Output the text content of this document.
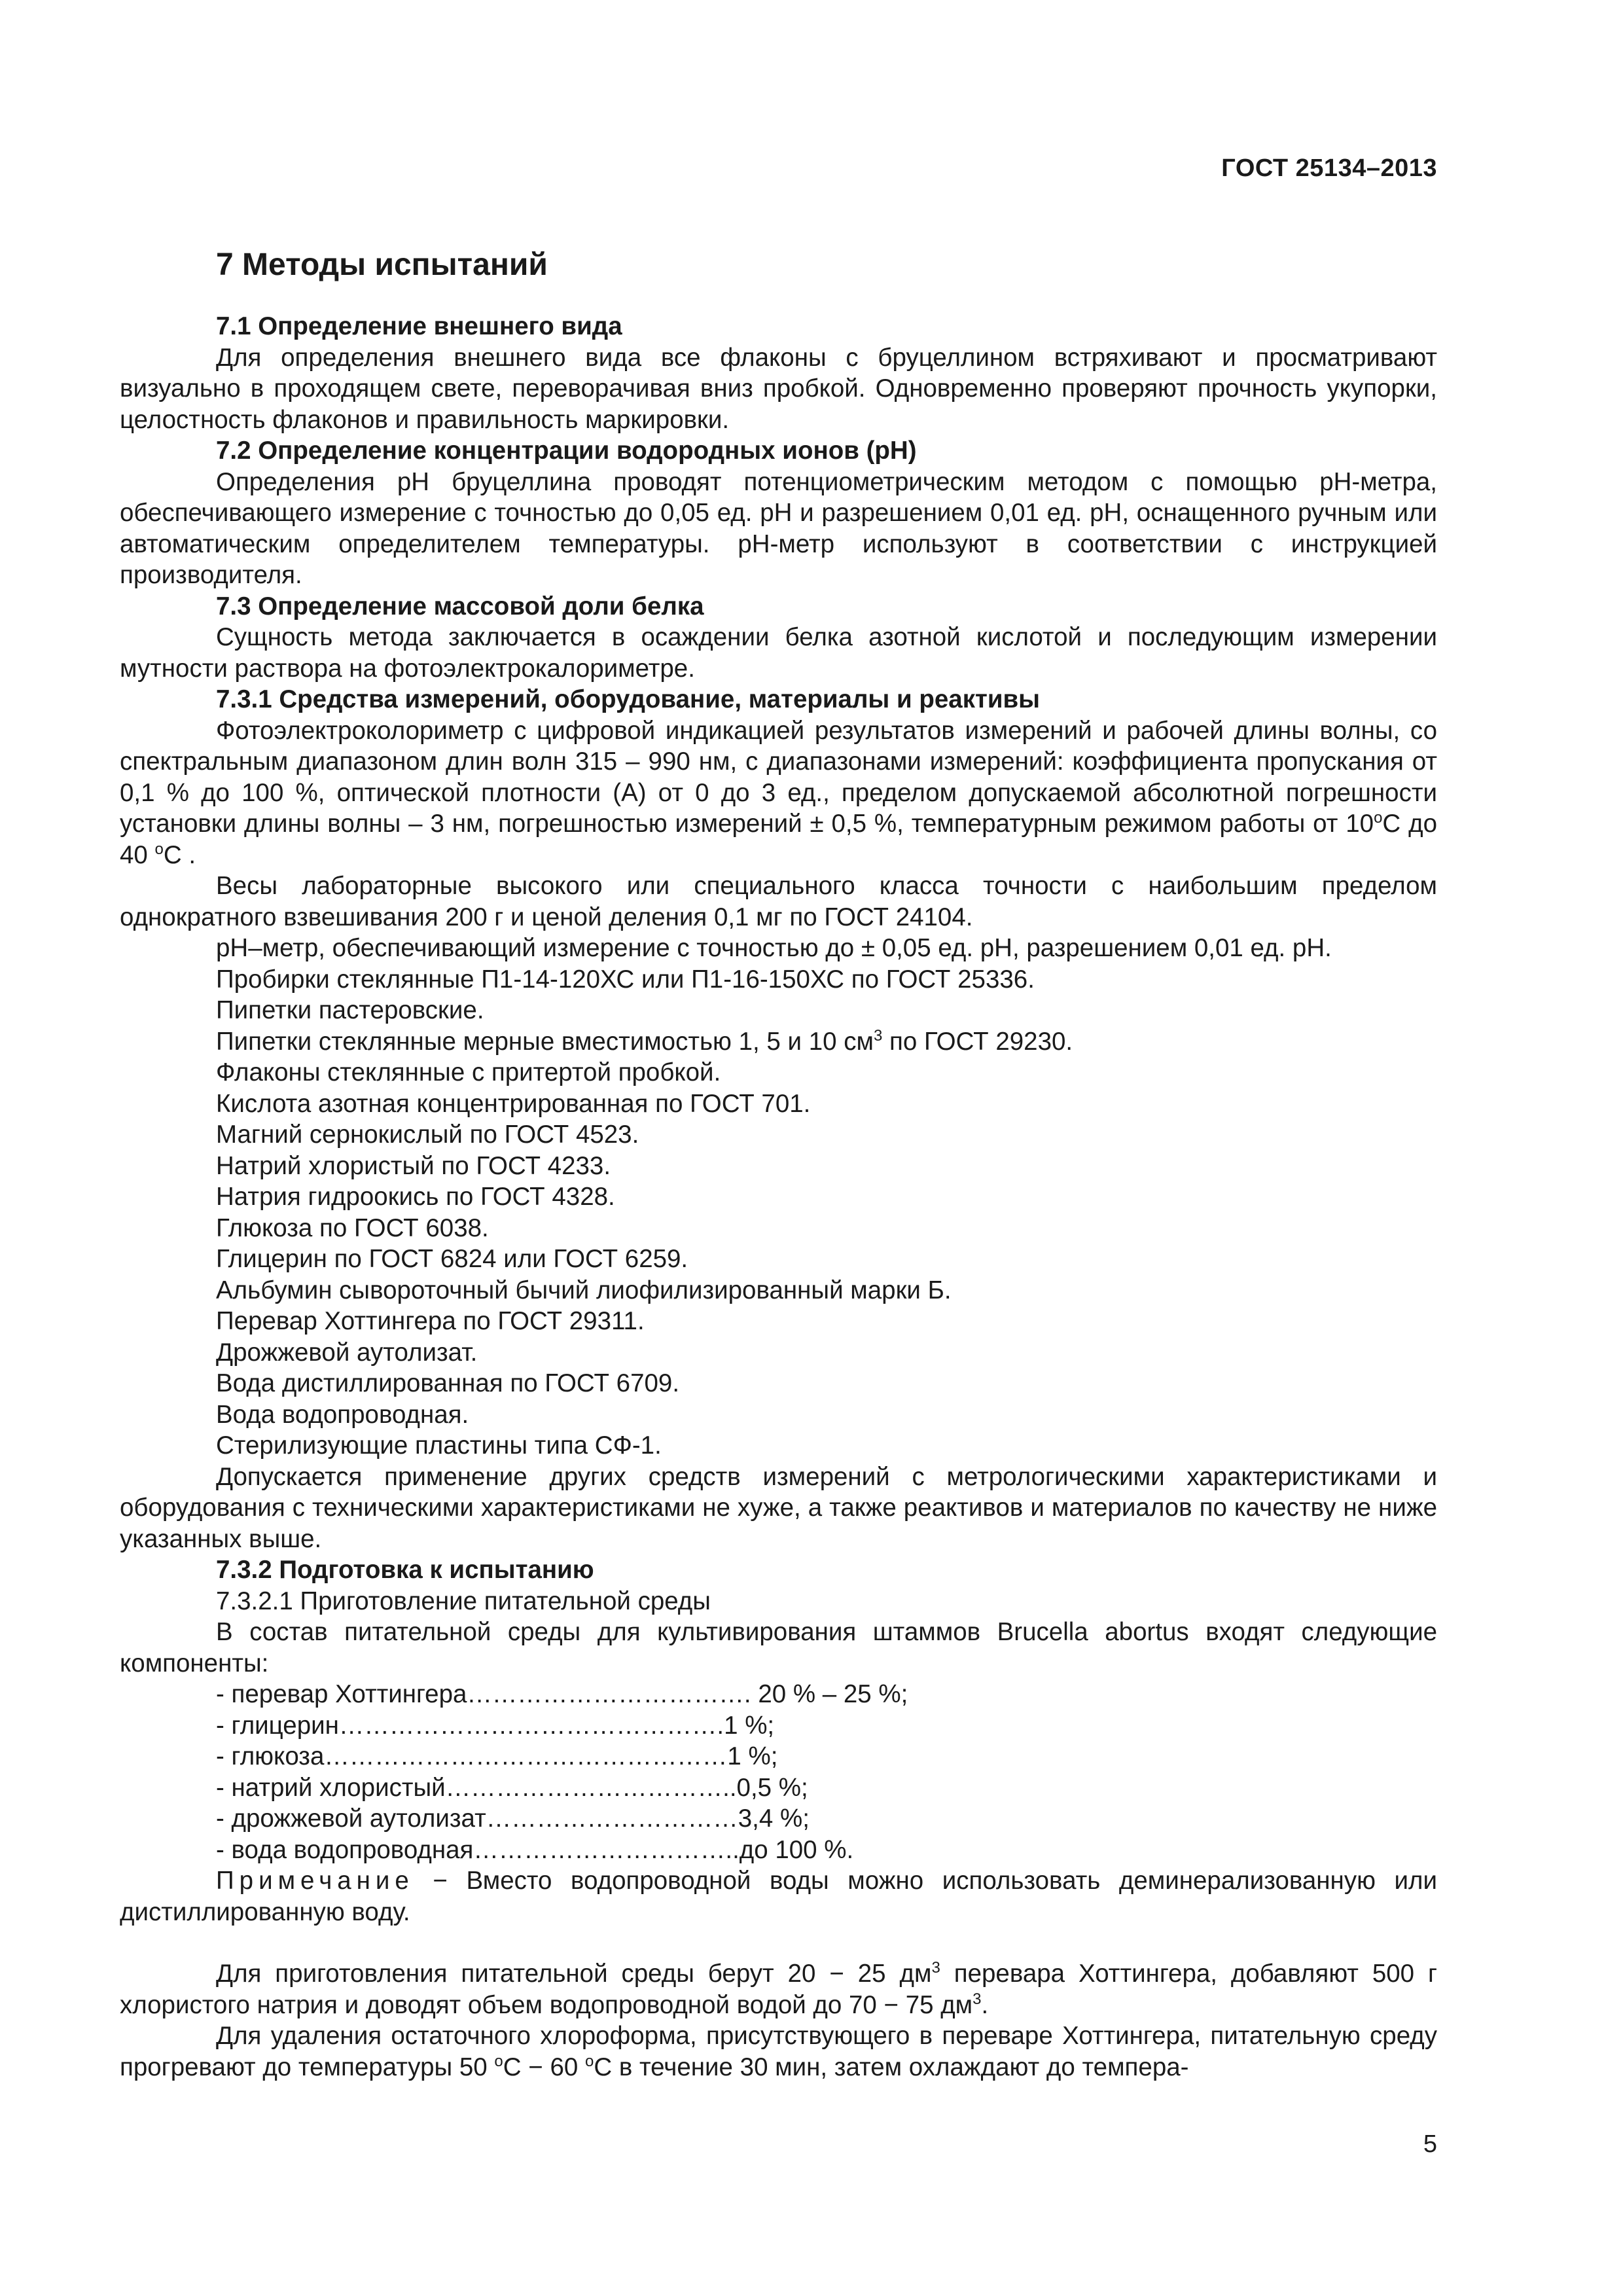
ГОСТ 25134–2013
7 Методы испытаний
7.1 Определение внешнего вида
Для определения внешнего вида все флаконы с бруцеллином встряхивают и просматривают визуально в проходящем свете, переворачивая вниз пробкой. Одновременно проверяют прочность укупорки, целостность флаконов и правильность маркировки.
7.2 Определение концентрации водородных ионов (рН)
Определения рН бруцеллина проводят потенциометрическим методом с помощью рН-метра, обеспечивающего измерение с точностью до 0,05 ед. рН и разрешением 0,01 ед. рН, оснащенного ручным или автоматическим определителем температуры. рН-метр используют в соответствии с инструкцией производителя.
7.3 Определение массовой доли белка
Сущность метода заключается в осаждении белка азотной кислотой и последующим измерении мутности раствора на фотоэлектрокалориметре.
7.3.1 Средства измерений, оборудование, материалы и реактивы
Фотоэлектроколориметр с цифровой индикацией результатов измерений и рабочей длины волны, со спектральным диапазоном длин волн 315 – 990 нм, с диапазонами измерений: коэффициента пропускания от 0,1 % до 100 %, оптической плотности (А) от 0 до 3 ед., пределом допускаемой абсолютной погрешности установки длины волны – 3 нм, погрешностью измерений ± 0,5 %, температурным режимом работы от $10^оС$ до 40 $^о$С .
Весы лабораторные высокого или специального класса точности с наибольшим пределом однократного взвешивания 200 г и ценой деления 0,1 мг по ГОСТ 24104.
рН–метр, обеспечивающий измерение с точностью до ± 0,05 ед. рН, разрешением 0,01 ед. рН.
Пробирки стеклянные П1-14-120ХС или П1-16-150ХС по ГОСТ 25336.
Пипетки пастеровские.
Пипетки стеклянные мерные вместимостью 1, 5 и 10 $см^3$ по ГОСТ 29230.
Флаконы стеклянные с притертой пробкой.
Кислота азотная концентрированная по ГОСТ 701.
Магний сернокислый по ГОСТ 4523.
Натрий хлористый по ГОСТ 4233.
Натрия гидроокись по ГОСТ 4328.
Глюкоза по ГОСТ 6038.
Глицерин по ГОСТ 6824 или ГОСТ 6259.
Альбумин сывороточный бычий лиофилизированный марки Б.
Перевар Хоттингера по ГОСТ 29311.
Дрожжевой аутолизат.
Вода дистиллированная по ГОСТ 6709.
Вода водопроводная.
Стерилизующие пластины типа СФ-1.
Допускается применение других средств измерений с метрологическими характеристиками и оборудования с техническими характеристиками не хуже, а также реактивов и материалов по качеству не ниже указанных выше.
7.3.2 Подготовка к испытанию
7.3.2.1 Приготовление питательной среды
В состав питательной среды для культивирования штаммов Brucella abortus входят следующие компоненты:
- перевар Хоттингера……………………………. 20 % – 25 %;
- глицерин……………………………………….1 %;
- глюкоза…………………………………………1 %;
- натрий хлористый……………………………..0,5 %;
- дрожжевой аутолизат…………………………3,4 %;
- вода водопроводная…………………………..до 100 %.
Примечание − Вместо водопроводной воды можно использовать деминерализованную или дистиллированную воду.
Для приготовления питательной среды берут 20 − 25 $дм^3$ перевара Хоттингера, добавляют 500 г хлористого натрия и доводят объем водопроводной водой до 70 − 75 $дм^3$.
Для удаления остаточного хлороформа, присутствующего в переваре Хоттингера, питательную среду прогревают до температуры 50 $^о$С − 60 $^о$С в течение 30 мин, затем охлаждают до темпера-
5
